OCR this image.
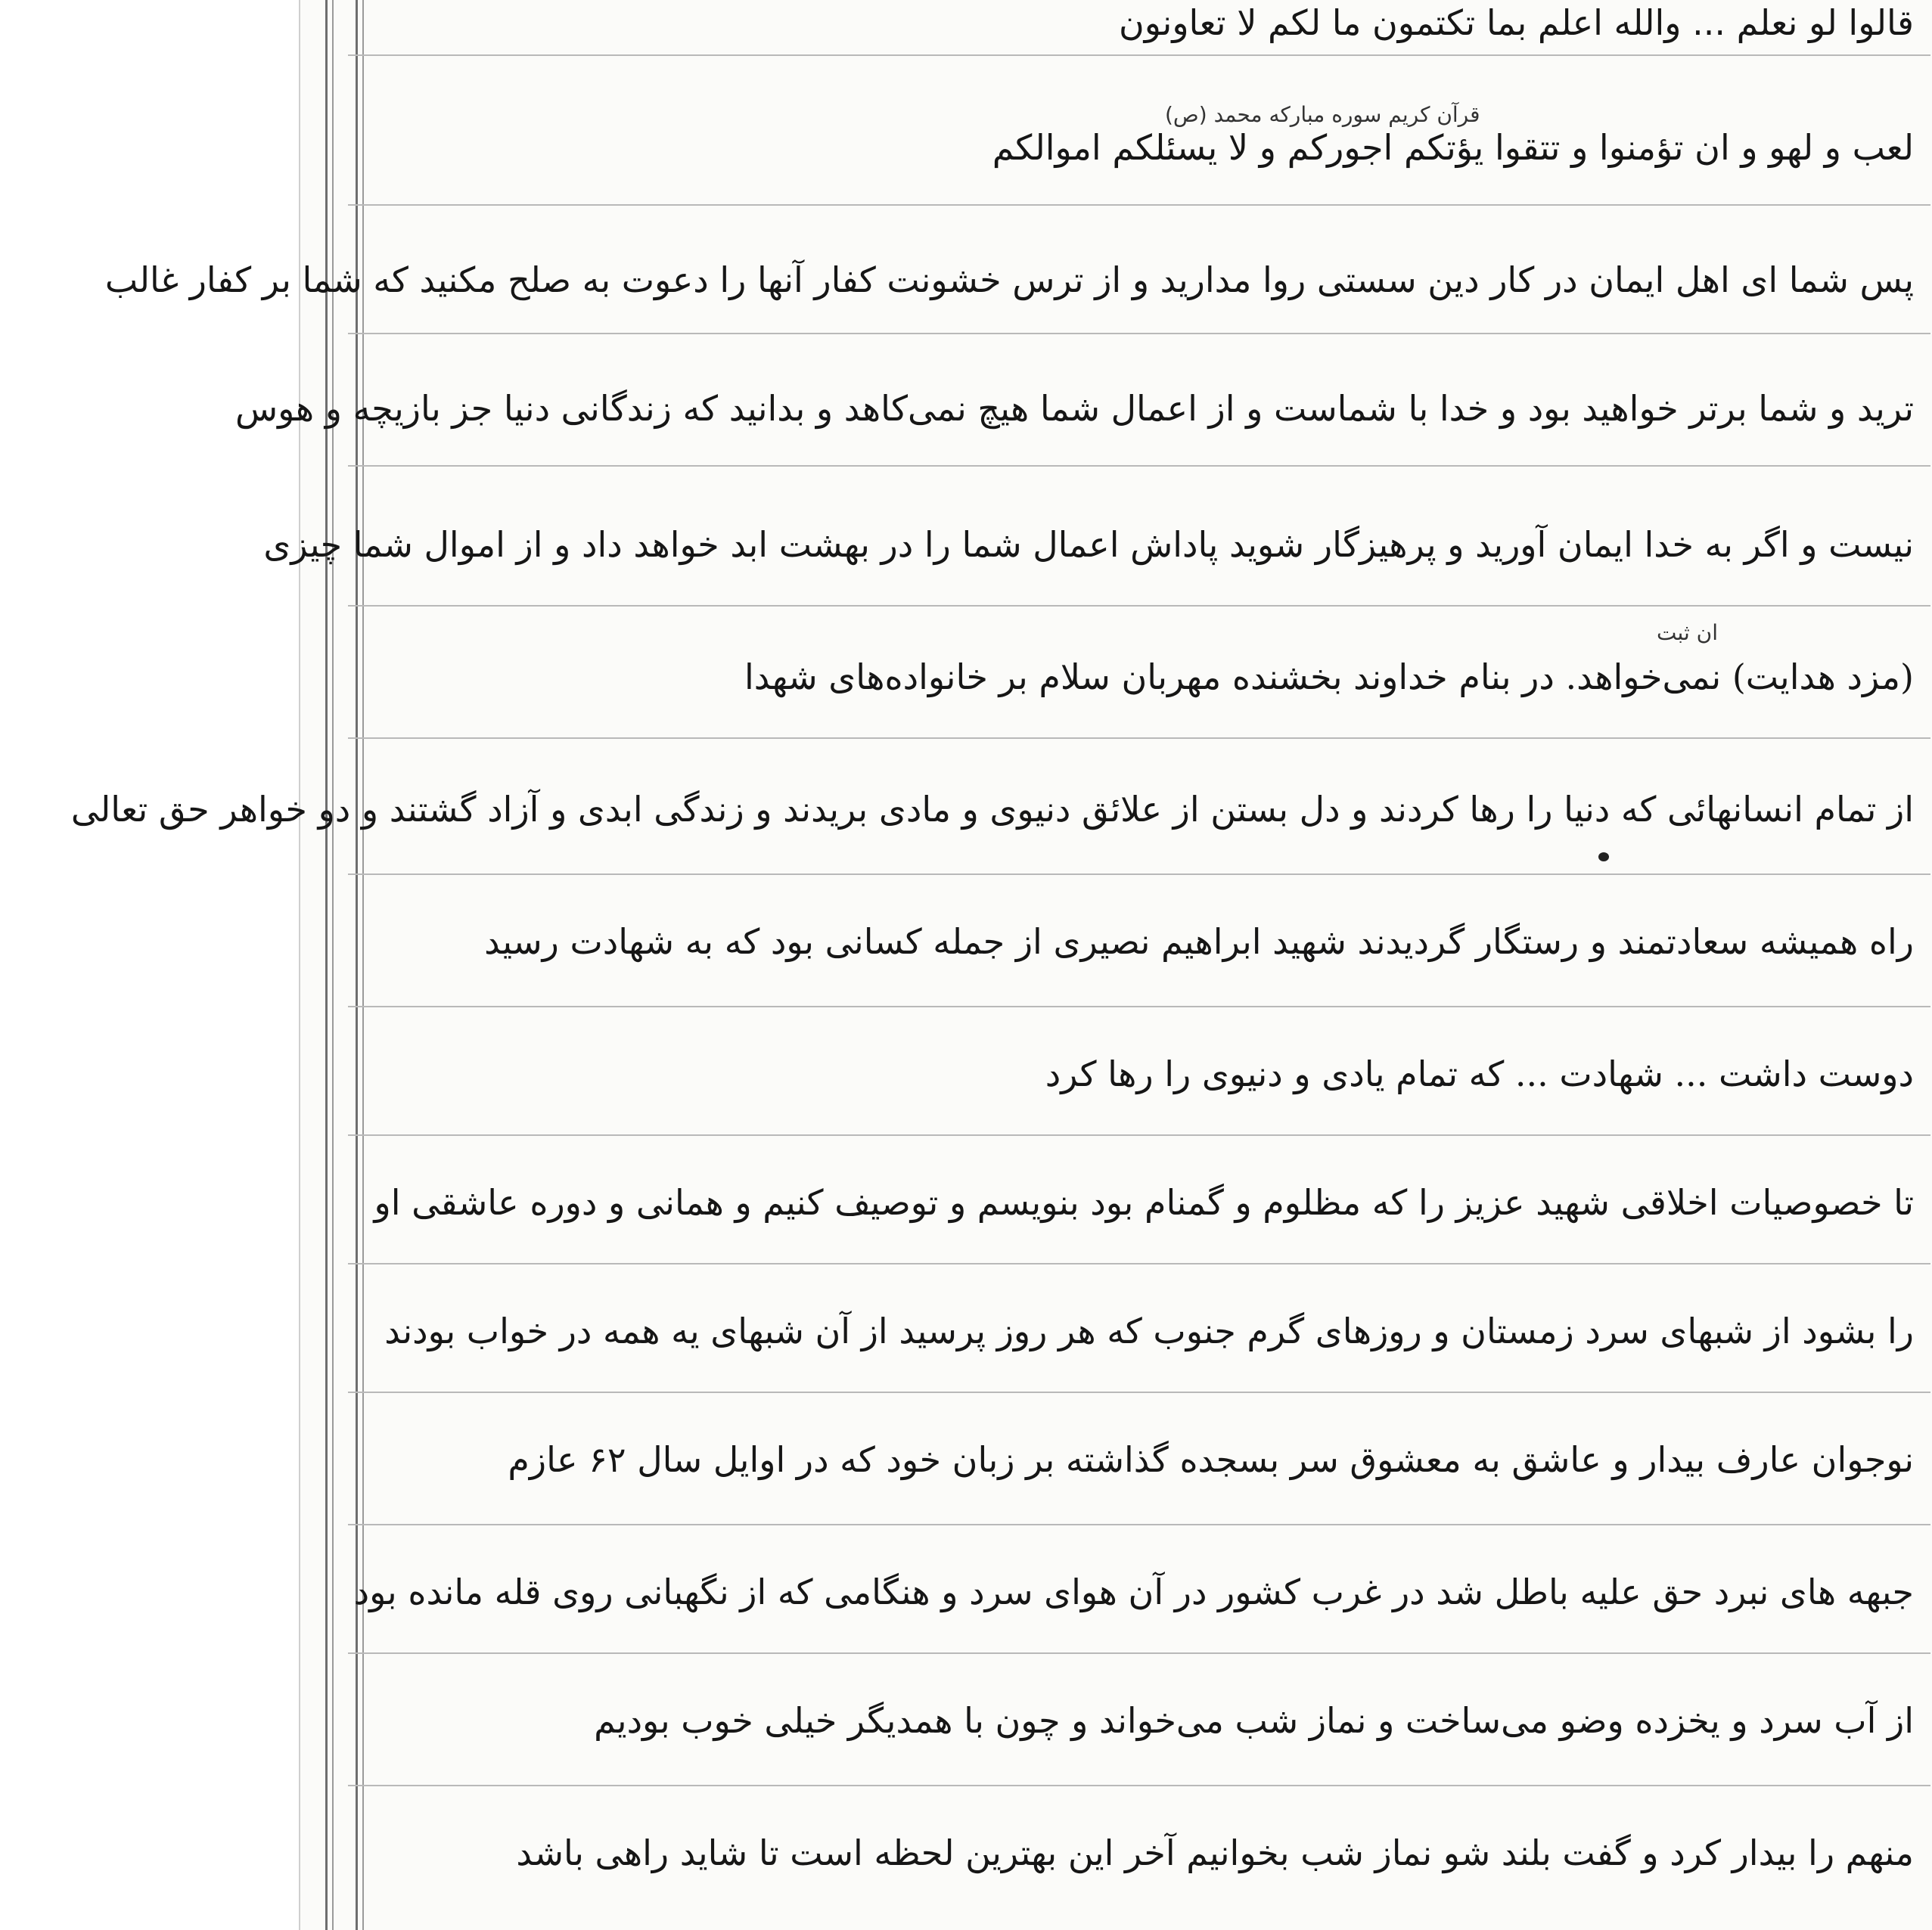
قالوا لو نعلم ... والله اعلم بما تکتمون ما لکم لا تعاونون
لعب و لهو و ان تؤمنوا و تتقوا یؤتکم اجورکم و لا یسئلکم اموالکم
پس شما ای اهل ایمان در کار دین سستی روا مدارید و از ترس خشونت کفار آنها را دعوت به صلح مکنید که شما بر کفار غالب
ترید و شما برتر خواهید بود و خدا با شماست و از اعمال شما هیچ نمی‌کاهد و بدانید که زندگانی دنیا جز بازیچه و هوس
نیست و اگر به خدا ایمان آورید و پرهیزگار شوید پاداش اعمال شما را در بهشت ابد خواهد داد و از اموال شما چیزی
(مزد هدایت) نمی‌خواهد. در بنام خداوند بخشنده مهربان سلام بر خانواده‌های شهدا
از تمام انسانهائی که دنیا را رها کردند و دل بستن از علائق دنیوی و مادی بریدند و زندگی ابدی و آزاد گشتند و دو خواهر حق تعالی
راه همیشه سعادتمند و رستگار گردیدند شهید ابراهیم نصیری از جمله کسانی بود که به شهادت رسید
دوست داشت ... شهادت ... که تمام یادی و دنیوی را رها کرد
تا خصوصیات اخلاقی شهید عزیز را که مظلوم و گمنام بود بنویسم و توصیف کنیم و همانی و دوره عاشقی او
را بشود از شبهای سرد زمستان و روزهای گرم جنوب که هر روز پرسید از آن شبهای یه همه در خواب بودند
نوجوان عارف بیدار و عاشق به معشوق سر بسجده گذاشته بر زبان خود که در اوایل سال ۶۲ عازم
جبهه های نبرد حق علیه باطل شد در غرب کشور در آن هوای سرد و هنگامی که از نگهبانی روی قله مانده بود
از آب سرد و یخزده وضو می‌ساخت و نماز شب می‌خواند و چون با همدیگر خیلی خوب بودیم
منهم را بیدار کرد و گفت بلند شو نماز شب بخوانیم آخر این بهترین لحظه است تا شاید راهی باشد
قرآن کریم سوره مبارکه محمد (ص)
ان ثبت
